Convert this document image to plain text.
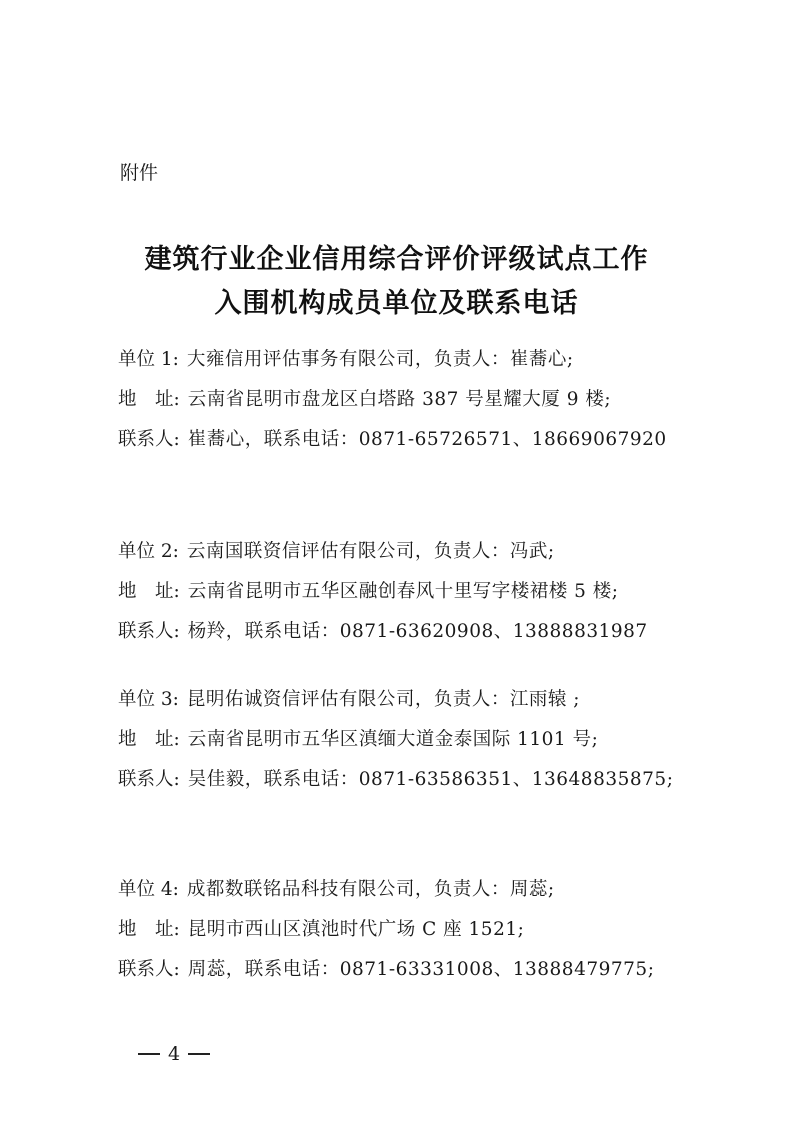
附件
建筑行业企业信用综合评价评级试点工作
入围机构成员单位及联系电话
单位 1: 大雍信用评估事务有限公司，负责人：崔蕎心;
地　址: 云南省昆明市盘龙区白塔路 387 号星耀大厦 9 楼;
联系人: 崔蕎心，联系电话：0871-65726571、18669067920
单位 2: 云南国联资信评估有限公司，负责人：冯武;
地　址: 云南省昆明市五华区融创春风十里写字楼裙楼 5 楼;
联系人: 杨羚，联系电话：0871-63620908、13888831987
单位 3: 昆明佑诚资信评估有限公司，负责人：江雨辕 ;
地　址: 云南省昆明市五华区滇缅大道金泰国际 1101 号;
联系人: 吴佳毅，联系电话：0871-63586351、13648835875;
单位 4: 成都数联铭品科技有限公司，负责人：周蕊;
地　址: 昆明市西山区滇池时代广场 C 座 1521;
联系人: 周蕊，联系电话：0871-63331008、13888479775;
4
